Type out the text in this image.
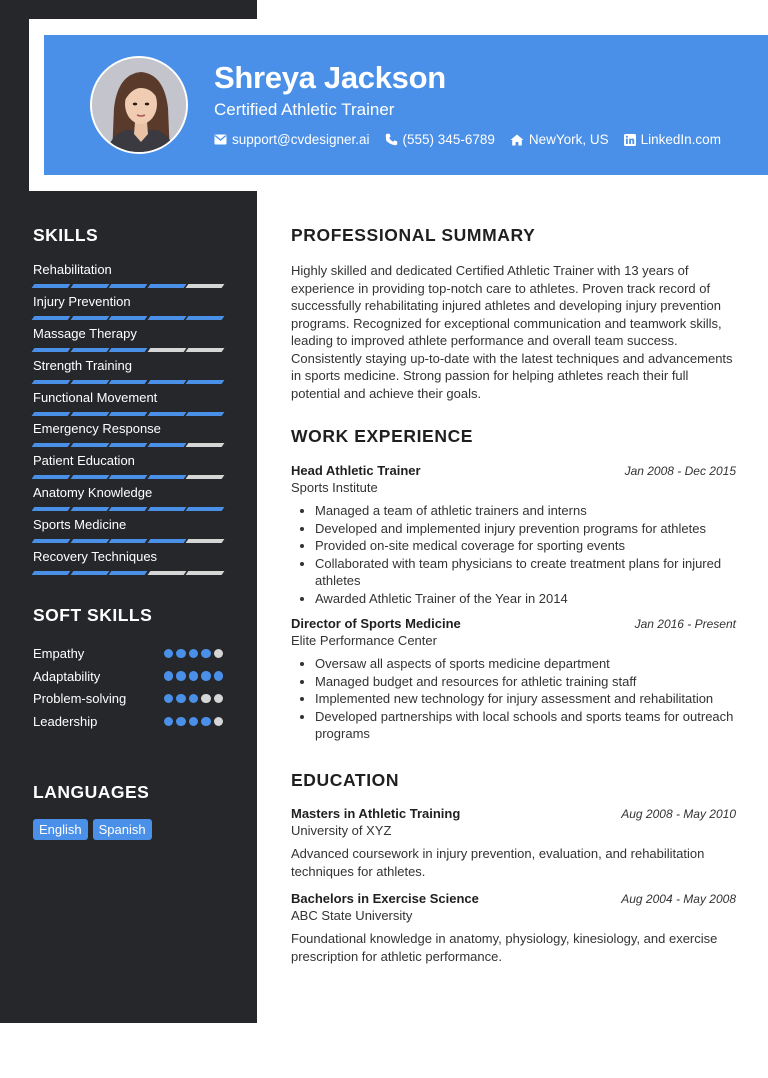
Shreya Jackson
Certified Athletic Trainer
support@cvdesigner.ai (555) 345-6789	NewYork, US LinkedIn.com
SKILLS
Rehabilitation
Injury Prevention
Massage Therapy
Strength Training
Functional Movement
Emergency Response
Patient Education
Anatomy Knowledge
Sports Medicine
Recovery Techniques
SOFT SKILLS
Empathy
Adaptability
Problem-solving
Leadership
LANGUAGES
English	Spanish
PROFESSIONAL SUMMARY
Highly skilled and dedicated Certified Athletic Trainer with 13 years of experience in providing top-notch care to athletes. Proven track record of successfully rehabilitating injured athletes and developing injury prevention programs. Recognized for exceptional communication and teamwork skills, leading to improved athlete performance and overall team success. Consistently staying up-to-date with the latest techniques and advancements in sports medicine. Strong passion for helping athletes reach their full potential and achieve their goals.
WORK EXPERIENCE
Head Athletic Trainer	Jan 2008 - Dec 2015
Sports Institute
• Managed a team of athletic trainers and interns
• Developed and implemented injury prevention programs for athletes
• Provided on-site medical coverage for sporting events
• Collaborated with team physicians to create treatment plans for injured athletes
• Awarded Athletic Trainer of the Year in 2014
Director of Sports Medicine	Jan 2016 - Present
Elite Performance Center
• Oversaw all aspects of sports medicine department
• Managed budget and resources for athletic training staff
• Implemented new technology for injury assessment and rehabilitation
• Developed partnerships with local schools and sports teams for outreach programs
EDUCATION
Masters in Athletic Training	Aug 2008 - May 2010
University of XYZ
Advanced coursework in injury prevention, evaluation, and rehabilitation techniques for athletes.
Bachelors in Exercise Science	Aug 2004 - May 2008
ABC State University
Foundational knowledge in anatomy, physiology, kinesiology, and exercise prescription for athletic performance.
